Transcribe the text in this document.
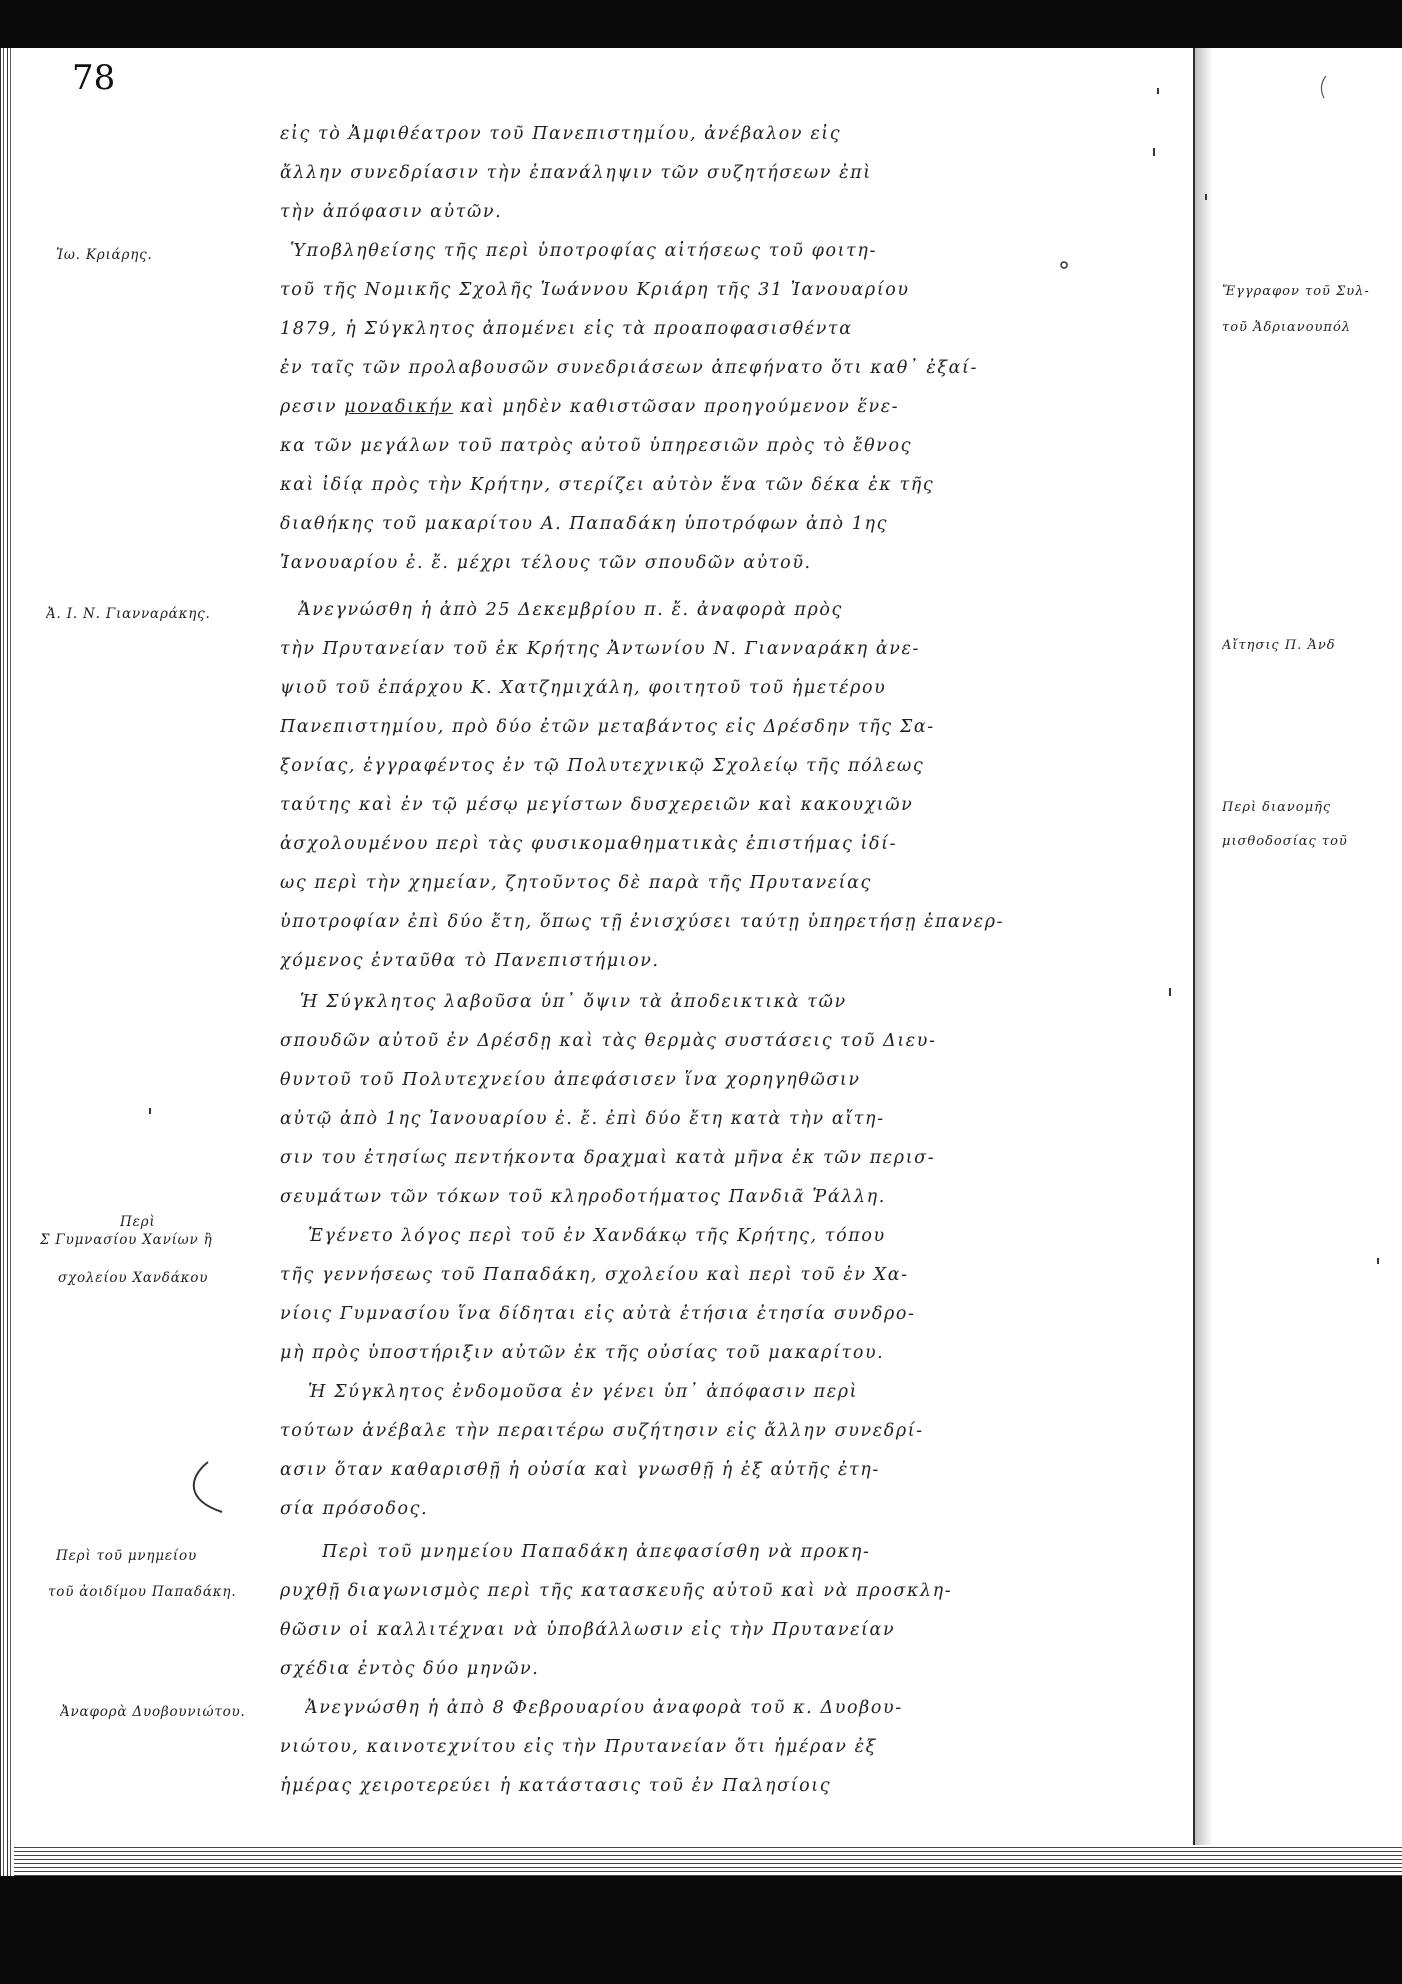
78
εἰς τὸ Ἀμφιθέατρον τοῦ Πανεπιστημίου, ἀνέβαλον εἰς
ἄλλην συνεδρίασιν τὴν ἐπανάληψιν τῶν συζητήσεων ἐπὶ
τὴν ἀπόφασιν αὐτῶν.
Ὑποβληθείσης τῆς περὶ ὑποτροφίας αἰτήσεως τοῦ φοιτη-
τοῦ τῆς Νομικῆς Σχολῆς Ἰωάννου Κριάρη τῆς 31 Ἰανουαρίου
1879, ἡ Σύγκλητος ἀπομένει εἰς τὰ προαποφασισθέντα
ἐν ταῖς τῶν προλαβουσῶν συνεδριάσεων ἀπεφήνατο ὅτι καθ᾽ ἐξαί-
ρεσιν μοναδικήν καὶ μηδὲν καθιστῶσαν προηγούμενον ἕνε-
κα τῶν μεγάλων τοῦ πατρὸς αὐτοῦ ὑπηρεσιῶν πρὸς τὸ ἔθνος
καὶ ἰδίᾳ πρὸς τὴν Κρήτην, στερίζει αὐτὸν ἕνα τῶν δέκα ἐκ τῆς
διαθήκης τοῦ μακαρίτου Α. Παπαδάκη ὑποτρόφων ἀπὸ 1ης
Ἰανουαρίου ἐ. ἔ. μέχρι τέλους τῶν σπουδῶν αὐτοῦ.
Ἀνεγνώσθη ἡ ἀπὸ 25 Δεκεμβρίου π. ἔ. ἀναφορὰ πρὸς
τὴν Πρυτανείαν τοῦ ἐκ Κρήτης Ἀντωνίου Ν. Γιανναράκη ἀνε-
ψιοῦ τοῦ ἐπάρχου Κ. Χατζημιχάλη, φοιτητοῦ τοῦ ἡμετέρου
Πανεπιστημίου, πρὸ δύο ἐτῶν μεταβάντος εἰς Δρέσδην τῆς Σα-
ξονίας, ἐγγραφέντος ἐν τῷ Πολυτεχνικῷ Σχολείῳ τῆς πόλεως
ταύτης καὶ ἐν τῷ μέσῳ μεγίστων δυσχερειῶν καὶ κακουχιῶν
ἀσχολουμένου περὶ τὰς φυσικομαθηματικὰς ἐπιστήμας ἰδί-
ως περὶ τὴν χημείαν, ζητοῦντος δὲ παρὰ τῆς Πρυτανείας
ὑποτροφίαν ἐπὶ δύο ἔτη, ὅπως τῇ ἐνισχύσει ταύτῃ ὑπηρετήσῃ ἐπανερ-
χόμενος ἐνταῦθα τὸ Πανεπιστήμιον.
Ἡ Σύγκλητος λαβοῦσα ὑπ᾽ ὄψιν τὰ ἀποδεικτικὰ τῶν
σπουδῶν αὐτοῦ ἐν Δρέσδῃ καὶ τὰς θερμὰς συστάσεις τοῦ Διευ-
θυντοῦ τοῦ Πολυτεχνείου ἀπεφάσισεν ἵνα χορηγηθῶσιν
αὐτῷ ἀπὸ 1ης Ἰανουαρίου ἐ. ἔ. ἐπὶ δύο ἔτη κατὰ τὴν αἴτη-
σιν του ἐτησίως πεντήκοντα δραχμαὶ κατὰ μῆνα ἐκ τῶν περισ-
σευμάτων τῶν τόκων τοῦ κληροδοτήματος Πανδιᾶ Ῥάλλη.
Ἐγένετο λόγος περὶ τοῦ ἐν Χανδάκῳ τῆς Κρήτης, τόπου
τῆς γεννήσεως τοῦ Παπαδάκη, σχολείου καὶ περὶ τοῦ ἐν Χα-
νίοις Γυμνασίου ἵνα δίδηται εἰς αὐτὰ ἐτήσια ἐτησία συνδρο-
μὴ πρὸς ὑποστήριξιν αὐτῶν ἐκ τῆς οὐσίας τοῦ μακαρίτου.
Ἡ Σύγκλητος ἐνδομοῦσα ἐν γένει ὑπ᾽ ἀπόφασιν περὶ
τούτων ἀνέβαλε τὴν περαιτέρω συζήτησιν εἰς ἄλλην συνεδρί-
ασιν ὅταν καθαρισθῇ ἡ οὐσία καὶ γνωσθῇ ἡ ἐξ αὐτῆς ἐτη-
σία πρόσοδος.
Περὶ τοῦ μνημείου Παπαδάκη ἀπεφασίσθη νὰ προκη-
ρυχθῇ διαγωνισμὸς περὶ τῆς κατασκευῆς αὐτοῦ καὶ νὰ προσκλη-
θῶσιν οἱ καλλιτέχναι νὰ ὑποβάλλωσιν εἰς τὴν Πρυτανείαν
σχέδια ἐντὸς δύο μηνῶν.
Ἀνεγνώσθη ἡ ἀπὸ 8 Φεβρουαρίου ἀναφορὰ τοῦ κ. Δυοβου-
νιώτου, καινοτεχνίτου εἰς τὴν Πρυτανείαν ὅτι ἡμέραν ἐξ
ἡμέρας χειροτερεύει ἡ κατάστασις τοῦ ἐν Παλησίοις
Ἰω. Κριάρης.
Ἀ. Ι. Ν. Γιανναράκης.
Περὶ
Σ Γυμνασίου Χανίων ἢ
σχολείου Χανδάκου
Περὶ τοῦ μνημείου
τοῦ ἀοιδίμου Παπαδάκη.
Ἀναφορὰ Δυοβουνιώτου.
Ἔγγραφον τοῦ Συλ-
τοῦ Ἀδριανουπόλ
Αἴτησις Π. Ἀνδ
Περὶ διανομῆς
μισθοδοσίας τοῦ
